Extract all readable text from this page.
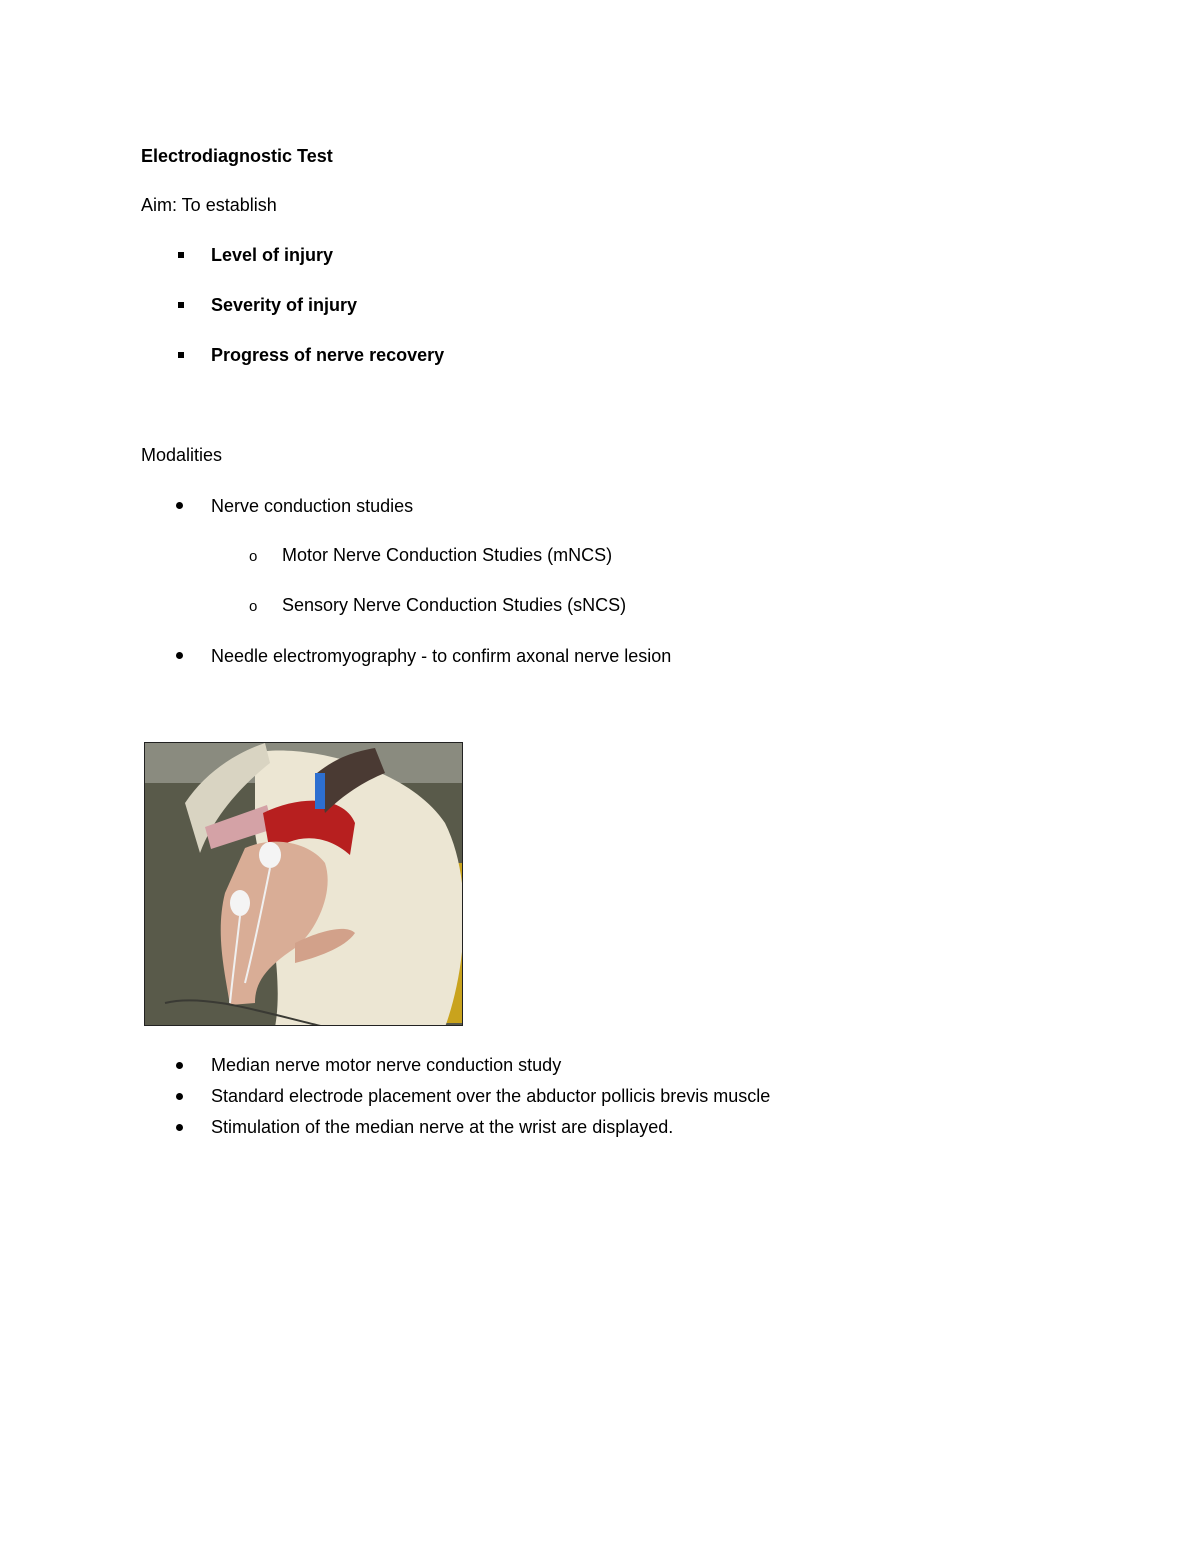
Electrodiagnostic Test
Aim: To establish
Level of injury
Severity of injury
Progress of nerve recovery
Modalities
Nerve conduction studies
o Motor Nerve Conduction Studies (mNCS)
o Sensory Nerve Conduction Studies (sNCS)
Needle electromyography - to confirm axonal nerve lesion
Median nerve motor nerve conduction study
Standard electrode placement over the abductor pollicis brevis muscle
Stimulation of the median nerve at the wrist are displayed.
